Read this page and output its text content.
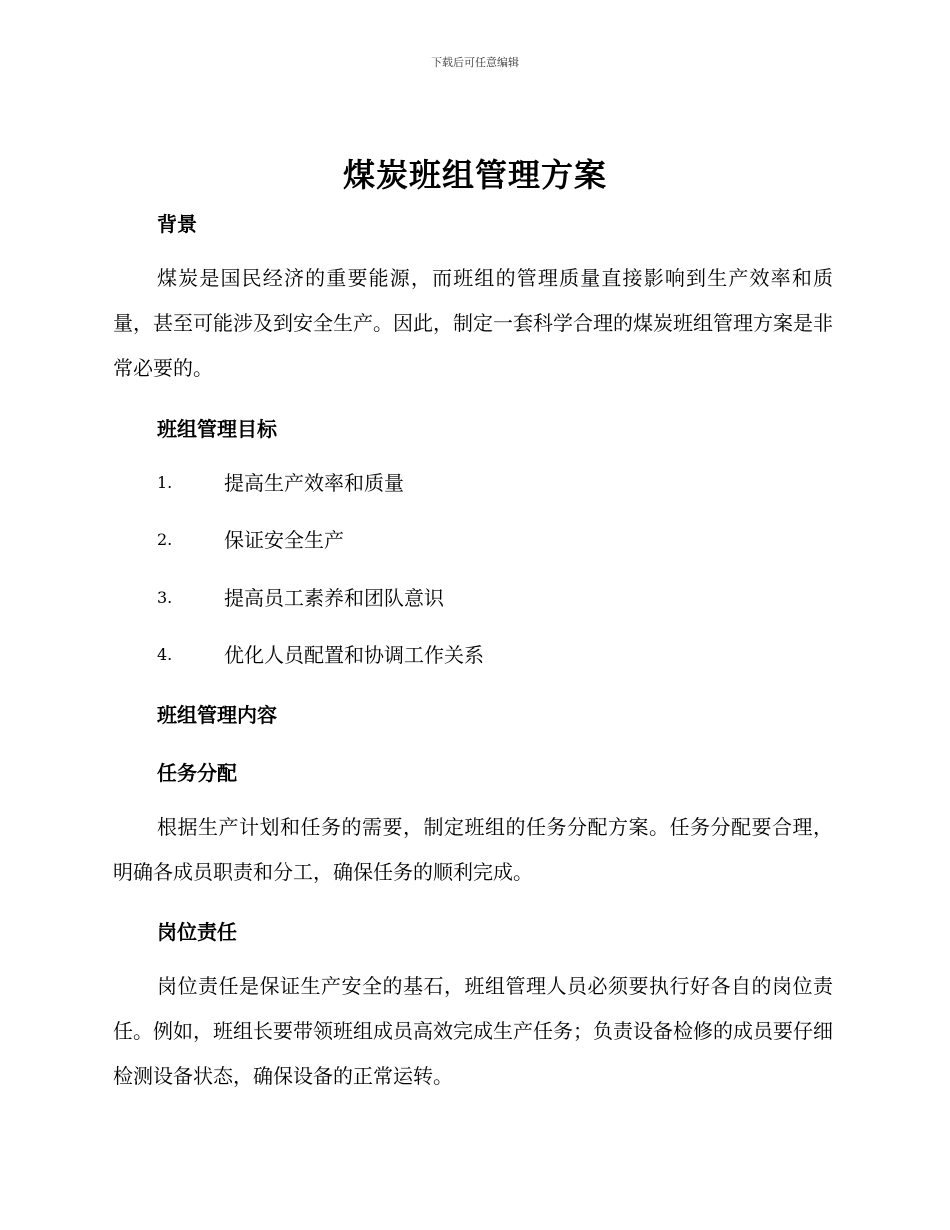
下载后可任意编辑
煤炭班组管理方案
背景
煤炭是国民经济的重要能源，而班组的管理质量直接影响到生产效率和质量，甚至可能涉及到安全生产。因此，制定一套科学合理的煤炭班组管理方案是非常必要的。
班组管理目标
1.	提高生产效率和质量
2.	保证安全生产
3.	提高员工素养和团队意识
4.	优化人员配置和协调工作关系
班组管理内容
任务分配
根据生产计划和任务的需要，制定班组的任务分配方案。任务分配要合理，明确各成员职责和分工，确保任务的顺利完成。
岗位责任
岗位责任是保证生产安全的基石，班组管理人员必须要执行好各自的岗位责任。例如，班组长要带领班组成员高效完成生产任务；负责设备检修的成员要仔细检测设备状态，确保设备的正常运转。
